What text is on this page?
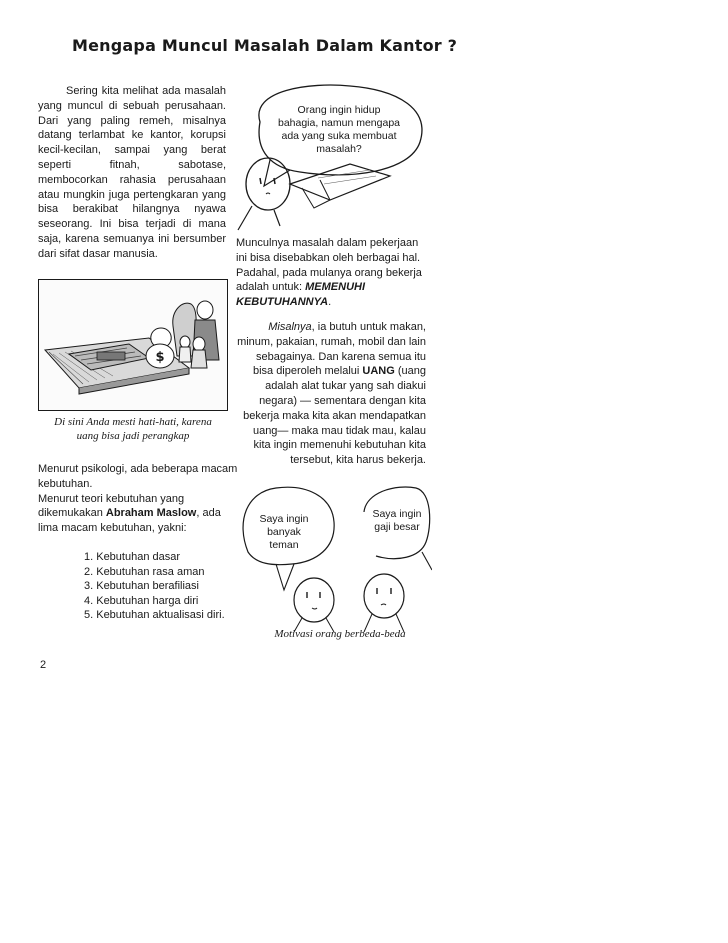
Mengapa Muncul Masalah Dalam Kantor ?

Sering kita melihat ada masalah yang muncul di sebuah perusahaan. Dari yang paling remeh, misalnya datang terlambat ke kantor, korupsi kecil-kecilan, sampai yang berat seperti fitnah, sabotase, membocorkan rahasia perusahaan atau mungkin juga pertengkaran yang bisa berakibat hilangnya nyawa seseorang. Ini bisa terjadi di mana saja, karena semuanya ini bersumber dari sifat dasar manusia.

Orang ingin hidup
bahagia, namun mengapa
ada yang suka membuat
masalah?
Munculnya masalah dalam pekerjaan ini bisa disebabkan oleh berbagai hal. Padahal, pada mulanya orang bekerja adalah untuk: MEMENUHI KEBUTUHANNYA.
$
Di sini Anda mesti hati-hati, karena
uang bisa jadi perangkap
Misalnya, ia butuh untuk makan, minum, pakaian, rumah, mobil dan lain sebagainya. Dan karena semua itu bisa diperoleh melalui UANG (uang adalah alat tukar yang sah diakui negara) — sementara dengan kita bekerja maka kita akan mendapatkan uang— maka mau tidak mau, kalau kita ingin memenuhi kebutuhan kita tersebut, kita harus bekerja.
Menurut psikologi, ada beberapa macam kebutuhan.
Menurut teori kebutuhan yang dikemukakan Abraham Maslow, ada lima macam kebutuhan, yakni:
1. Kebutuhan dasar
2. Kebutuhan rasa aman
3. Kebutuhan berafiliasi
4. Kebutuhan harga diri
5. Kebutuhan aktualisasi diri.
Saya ingin
banyak
teman
Saya ingin
gaji besar
Motivasi orang berbeda-beda
2
